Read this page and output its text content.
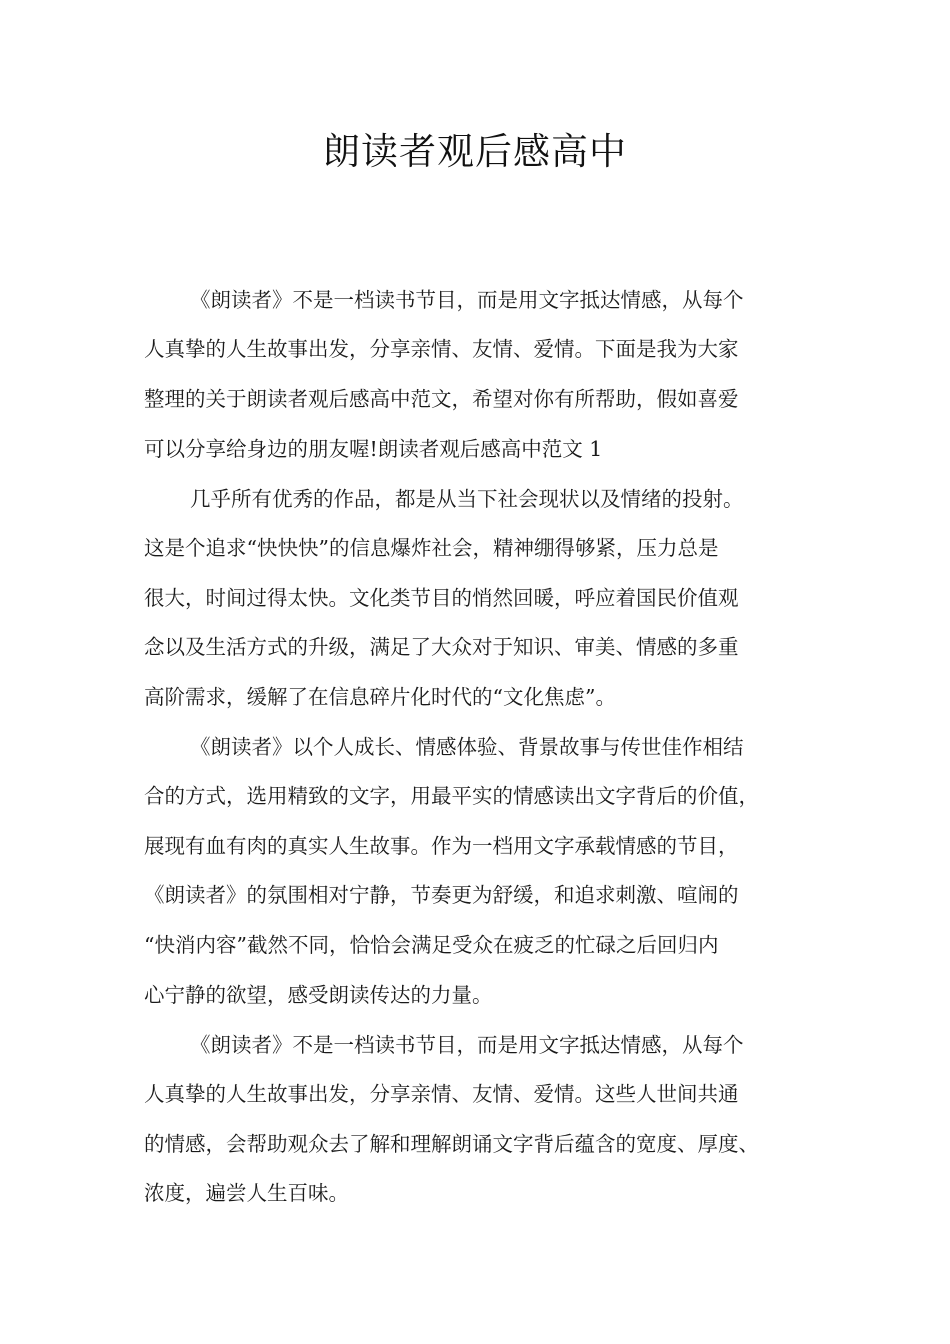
朗读者观后感高中
《朗读者》不是一档读书节目，而是用文字抵达情感，从每个
人真挚的人生故事出发，分享亲情、友情、爱情。下面是我为大家
整理的关于朗读者观后感高中范文，希望对你有所帮助，假如喜爱
可以分享给身边的朋友喔!朗读者观后感高中范文 1
几乎所有优秀的作品，都是从当下社会现状以及情绪的投射。
这是个追求“快快快”的信息爆炸社会，精神绷得够紧，压力总是
很大，时间过得太快。文化类节目的悄然回暖，呼应着国民价值观
念以及生活方式的升级，满足了大众对于知识、审美、情感的多重
高阶需求，缓解了在信息碎片化时代的“文化焦虑”。
《朗读者》以个人成长、情感体验、背景故事与传世佳作相结
合的方式，选用精致的文字，用最平实的情感读出文字背后的价值，
展现有血有肉的真实人生故事。作为一档用文字承载情感的节目，
《朗读者》的氛围相对宁静，节奏更为舒缓，和追求刺激、喧闹的
“快消内容”截然不同，恰恰会满足受众在疲乏的忙碌之后回归内
心宁静的欲望，感受朗读传达的力量。
《朗读者》不是一档读书节目，而是用文字抵达情感，从每个
人真挚的人生故事出发，分享亲情、友情、爱情。这些人世间共通
的情感，会帮助观众去了解和理解朗诵文字背后蕴含的宽度、厚度、
浓度，遍尝人生百味。
